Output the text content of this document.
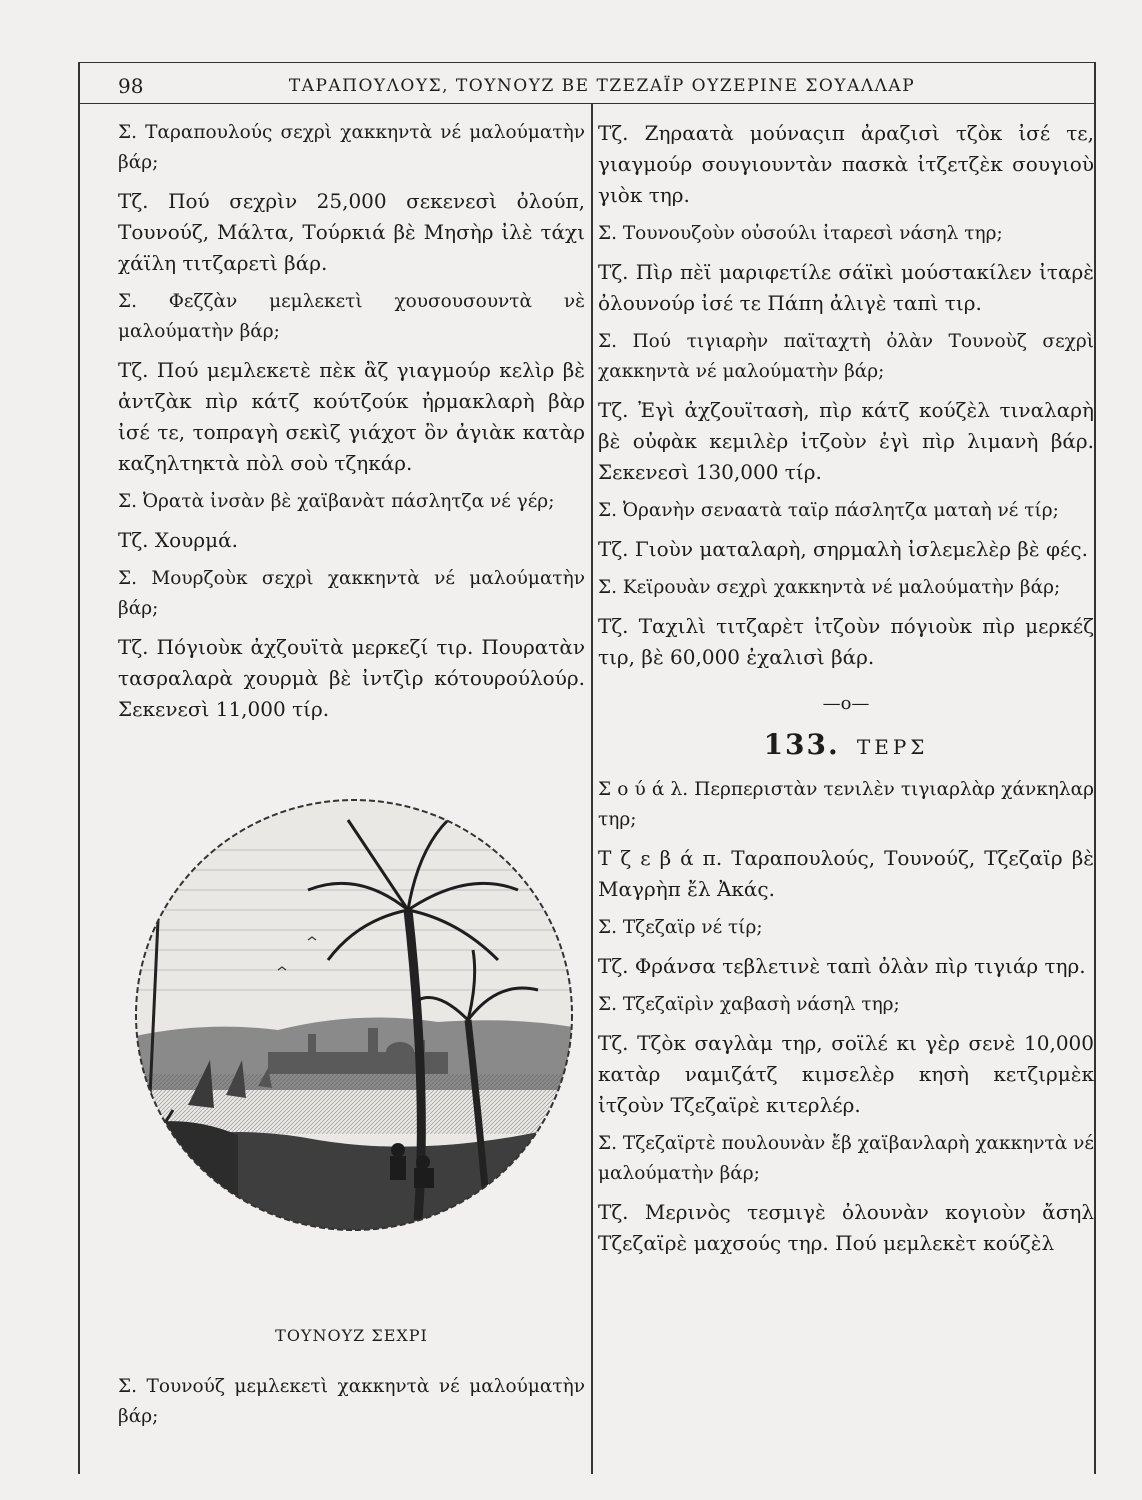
98	ΤΑΡΑΠΟΥΛΟΥΣ, ΤΟΥΝΟΥΖ ΒΕ ΤΖΕΖΑΪΡ ΟΥΖΕΡΙΝΕ ΣΟΥΑΛΛΑΡ

Σ. Ταραπουλούς σεχρὶ χακκηντὰ νέ μαλούματὴν βάρ;

Τζ. Πού σεχρὶν 25,000 σεκενεσὶ ὀλούπ, Τουνούζ, Μάλτα, Τούρκιά βὲ Μησὴρ ἰλὲ τάχι χάϊλη τιτζαρετὶ βάρ.

Σ. Φεζζὰν μεμλεκετὶ χουσουσουντὰ νὲ μαλούματὴν βάρ;

Τζ. Πού μεμλεκετὲ πὲκ ἂζ γιαγμούρ κελὶρ βὲ ἀντζὰκ πὶρ κάτζ κούτζούκ ἠρμακλαρὴ βὰρ ἰσέ τε, τοπραγὴ σεκὶζ γιάχοτ ὂν ἀγιὰκ κατὰρ καζηλτηκτὰ πὸλ σοὺ τζηκάρ.

Σ. Ὀρατὰ ἰνσὰν βὲ χαϊβανὰτ πάσλητζα νέ γέρ;

Τζ. Χουρμά.

Σ. Μουρζοὺκ σεχρὶ χακκηντὰ νέ μαλούματὴν βάρ;

Τζ. Πόγιοὺκ ἀχζουϊτὰ μερκεζί τιρ. Πουρατὰν τασραλαρὰ χουρμὰ βὲ ἰντζὶρ κότουρούλούρ. Σεκενεσὶ 11,000 τίρ.

ΤΟΥΝΟΥΖ ΣΕΧΡΙ

Σ. Τουνούζ μεμλεκετὶ χακκηντὰ νέ μαλούματὴν βάρ;

Τζ. Ζηραατὰ μούναςιπ ἀραζισὶ τζὸκ ἰσέ τε, γιαγμούρ σουγιουντὰν πασκὰ ἰτζετζὲκ σουγιοὺ γιὸκ τηρ.

Σ. Τουνουζοὺν οὐσούλι ἰταρεσὶ νάσηλ τηρ;

Τζ. Πὶρ πὲϊ μαριφετίλε σάϊκὶ μούστακίλεν ἰταρὲ ὀλουνούρ ἰσέ τε Πάπη ἀλιγὲ ταπὶ τιρ.

Σ. Πού τιγιαρὴν παϊταχτὴ ὀλὰν Τουνοὺζ σεχρὶ χακκηντὰ νέ μαλούματὴν βάρ;

Τζ. Ἐγὶ ἀχζουϊτασὴ, πὶρ κάτζ κούζὲλ τιναλαρὴ βὲ οὐφὰκ κεμιλὲρ ἰτζοὺν ἐγὶ πὶρ λιμανὴ βάρ. Σεκενεσὶ 130,000 τίρ.

Σ. Ὀρανὴν σεναατὰ ταϊρ πάσλητζα ματαὴ νέ τίρ;

Τζ. Γιοὺν ματαλαρὴ, σηρμαλὴ ἰσλεμελὲρ βὲ φές.

Σ. Κεϊρουὰν σεχρὶ χακκηντὰ νέ μαλούματὴν βάρ;

Τζ. Ταχιλὶ τιτζαρὲτ ἰτζοὺν πόγιοὺκ πὶρ μερκέζ τιρ, βὲ 60,000 ἐχαλισὶ βάρ.

—o—
133. ΤΕΡΣ

Σ ο ύ ά λ. Περπεριστὰν τενιλὲν τιγιαρλὰρ χάνκηλαρ τηρ;

Τ ζ ε β ά π. Ταραπουλούς, Τουνούζ, Τζεζαϊρ βὲ Μαγρὴπ ἔλ Ἀκάς.

Σ. Τζεζαϊρ νέ τίρ;

Τζ. Φράνσα τεβλετινὲ ταπὶ ὀλὰν πὶρ τιγιάρ τηρ.

Σ. Τζεζαϊρὶν χαβασὴ νάσηλ τηρ;

Τζ. Τζὸκ σαγλὰμ τηρ, σοϊλέ κι γὲρ σενὲ 10,000 κατὰρ ναμιζάτζ κιμσελὲρ κησὴ κετζιρμὲκ ἰτζοὺν Τζεζαϊρὲ κιτερλέρ.

Σ. Τζεζαϊρτὲ πουλουνὰν ἔβ χαϊβανλαρὴ χακκηντὰ νέ μαλούματὴν βάρ;

Τζ. Μερινὸς τεσμιγὲ ὀλουνὰν κογιοὺν ἄσηλ Τζεζαϊρὲ μαχσούς τηρ. Πού μεμλεκὲτ κούζὲλ
